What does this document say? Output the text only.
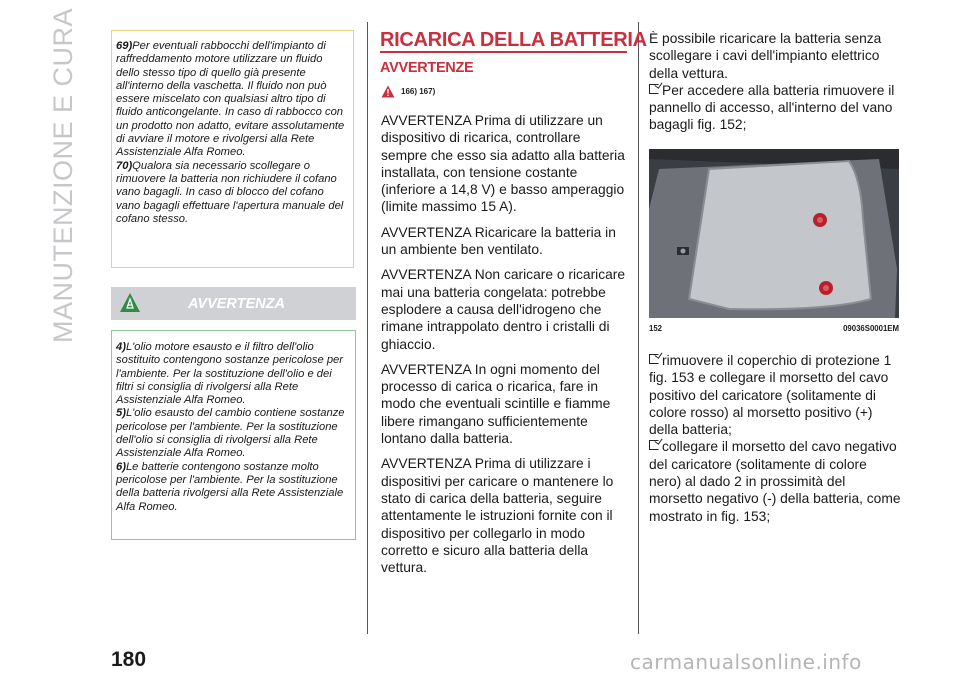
MANUTENZIONE E CURA	69)Per eventuali rabbocchi dell'impianto di raffreddamento motore utilizzare un fluido dello stesso tipo di quello già presente all'interno della vaschetta. Il fluido non può essere miscelato con qualsiasi altro tipo di fluido anticongelante. In caso di rabbocco con un prodotto non adatto, evitare assolutamente di avviare il motore e rivolgersi alla Rete Assistenziale Alfa Romeo.

70)Qualora sia necessario scollegare o rimuovere la batteria non richiudere il cofano vano bagagli. In caso di blocco del cofano vano bagagli effettuare l'apertura manuale del cofano stesso.

AVVERTENZA

4)L'olio motore esausto e il filtro dell'olio sostituito contengono sostanze pericolose per l'ambiente. Per la sostituzione dell'olio e dei filtri si consiglia di rivolgersi alla Rete Assistenziale Alfa Romeo.

5)L'olio esausto del cambio contiene sostanze pericolose per l'ambiente. Per la sostituzione dell'olio si consiglia di rivolgersi alla Rete Assistenziale Alfa Romeo.

6)Le batterie contengono sostanze molto pericolose per l'ambiente. Per la sostituzione della batteria rivolgersi alla Rete Assistenziale Alfa Romeo.

RICARICA DELLA BATTERIA
AVVERTENZE
166) 167)

AVVERTENZA Prima di utilizzare un dispositivo di ricarica, controllare sempre che esso sia adatto alla batteria installata, con tensione costante (inferiore a 14,8 V) e basso amperaggio (limite massimo 15 A).

AVVERTENZA Ricaricare la batteria in un ambiente ben ventilato.

AVVERTENZA Non caricare o ricaricare mai una batteria congelata: potrebbe esplodere a causa dell'idrogeno che rimane intrappolato dentro i cristalli di ghiaccio.

AVVERTENZA In ogni momento del processo di carica o ricarica, fare in modo che eventuali scintille e fiamme libere rimangano sufficientemente lontano dalla batteria.

AVVERTENZA Prima di utilizzare i dispositivi per caricare o mantenere lo stato di carica della batteria, seguire attentamente le istruzioni fornite con il dispositivo per collegarlo in modo corretto e sicuro alla batteria della vettura.

È possibile ricaricare la batteria senza scollegare i cavi dell'impianto elettrico della vettura.

Per accedere alla batteria rimuovere il pannello di accesso, all'interno del vano bagagli fig. 152;

152	09036S0001EM

rimuovere il coperchio di protezione 1 fig. 153 e collegare il morsetto del cavo positivo del caricatore (solitamente di colore rosso) al morsetto positivo (+) della batteria;

collegare il morsetto del cavo negativo del caricatore (solitamente di colore nero) al dado 2 in prossimità del morsetto negativo (-) della batteria, come mostrato in fig. 153;

180	carmanualsonline.info
